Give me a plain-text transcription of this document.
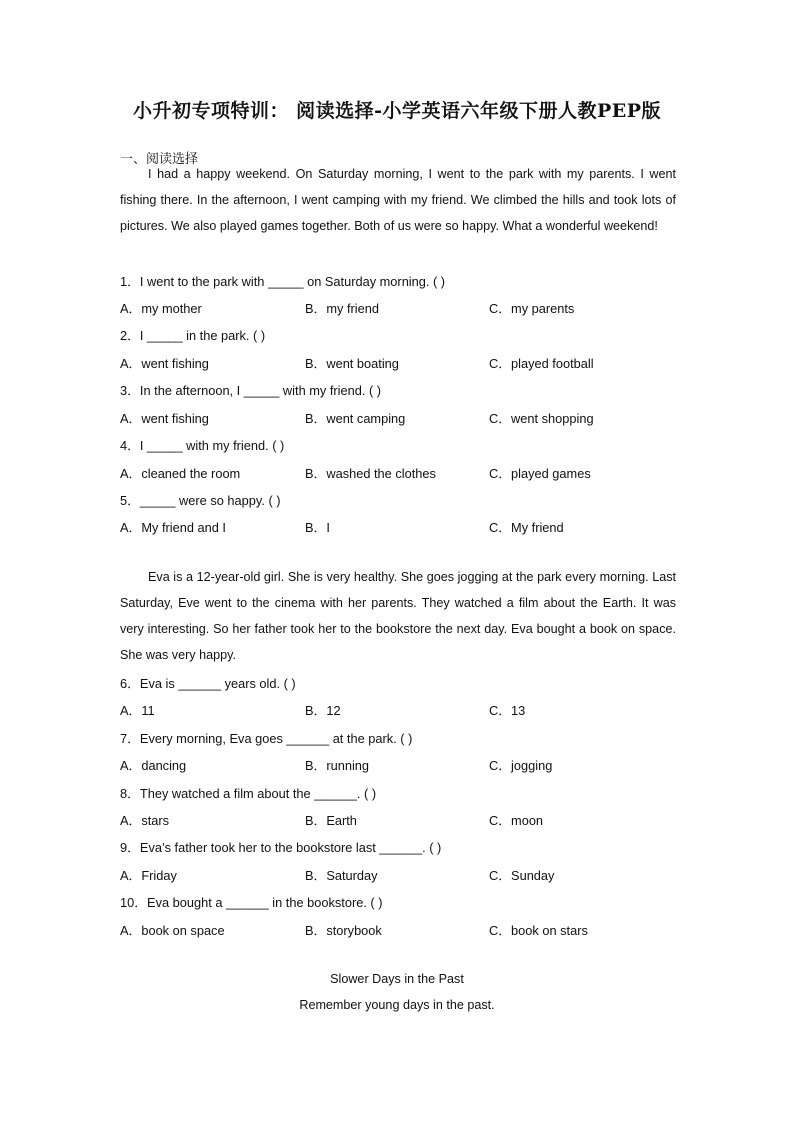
小升初专项特训： 阅读选择-小学英语六年级下册人教PEP版
一、阅读选择
I had a happy weekend. On Saturday morning, I went to the park with my parents. I went fishing there. In the afternoon, I went camping with my friend. We climbed the hills and took lots of pictures. We also played games together. Both of us were so happy. What a wonderful weekend!
1．I went to the park with _____ on Saturday morning. ( )
A．my mother	B．my friend	C．my parents
2．I _____ in the park. ( )
A．went fishing	B．went boating	C．played football
3．In the afternoon, I _____ with my friend. ( )
A．went fishing	B．went camping	C．went shopping
4．I _____ with my friend. ( )
A．cleaned the room	B．washed the clothes	C．played games
5．_____ were so happy. ( )
A．My friend and I	B．I	C．My friend
Eva is a 12-year-old girl. She is very healthy. She goes jogging at the park every morning. Last Saturday, Eve went to the cinema with her parents. They watched a film about the Earth. It was very interesting. So her father took her to the bookstore the next day. Eva bought a book on space. She was very happy.
6．Eva is ______ years old. ( )
A．11	B．12	C．13
7．Every morning, Eva goes ______ at the park. ( )
A．dancing	B．running	C．jogging
8．They watched a film about the ______. ( )
A．stars	B．Earth	C．moon
9．Eva’s father took her to the bookstore last ______. ( )
A．Friday	B．Saturday	C．Sunday
10．Eva bought a ______ in the bookstore. ( )
A．book on space	B．storybook	C．book on stars
Slower Days in the Past
Remember young days in the past.
